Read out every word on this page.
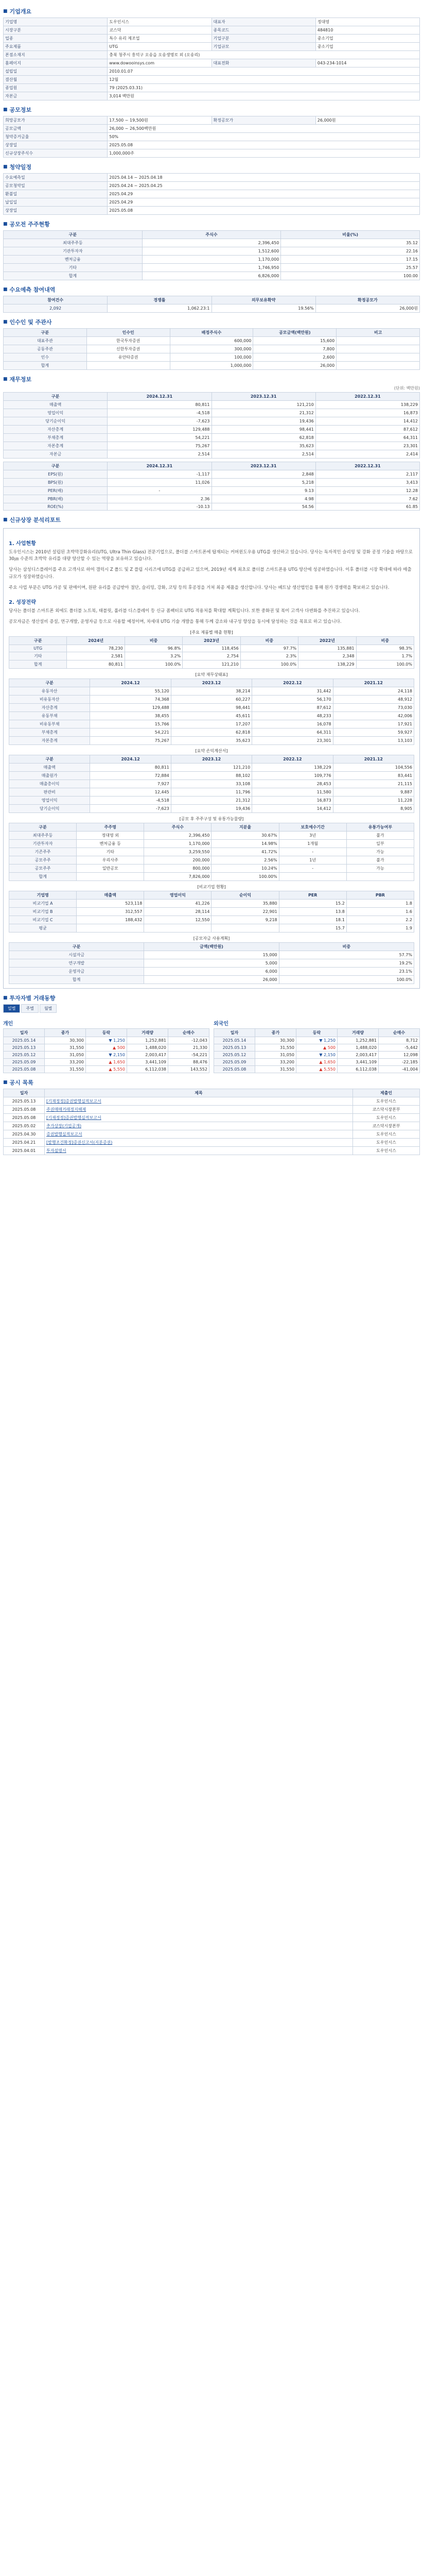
■ 기업개요
기업명	도우인시스	대표자	정대영
시장구분	코스닥	종목코드	484810
업종	특수 유리 제조업	기업구분	중소기업
주요제품	UTG	기업규모	중소기업
본점소재지	충북 청주시 흥덕구 오송읍 오송생명로 외 (오송리)		
홈페이지	www.dowooinsys.com	대표전화	043-234-1014
설립일	2010.01.07		
결산월	12월		
종업원	79 (2025.03.31)		
자본금	3,014 백만원		
■ 공모정보
희망공모가	17,500 ~ 19,500원	확정공모가	26,000원
공모금액	26,000 ~ 26,500백만원		
청약증거금율	50%		
상장일	2025.05.08		
신규상장주식수	1,000,000주		
■ 청약일정
수요예측일	2025.04.14 ~ 2025.04.18
공모청약일	2025.04.24 ~ 2025.04.25
환불일	2025.04.29
납입일	2025.04.29
상장일	2025.05.08
■ 공모전 주주현황
구분	주식수	비율(%)
최대주주등	2,396,450	35.12
기관투자자	1,512,600	22.16
벤처금융	1,170,000	17.15
기타	1,746,950	25.57
합계	6,826,000	100.00
■ 수요예측 참여내역
참여건수	경쟁률	의무보유확약	확정공모가
2,092	1,062.23:1	19.56%	26,000원
■ 인수인 및 주관사
구분	인수인	배정주식수	공모금액(백만원)	비고
대표주관	한국투자증권	600,000	15,600	
공동주관	신한투자증권	300,000	7,800	
인수	유안타증권	100,000	2,600	
합계		1,000,000	26,000	
■ 재무정보
(단위: 백만원)
구분	2024.12.31	2023.12.31	2022.12.31
매출액	80,811	121,210	138,229
영업이익	-4,518	21,312	16,873
당기순이익	-7,623	19,436	14,412
자산총계	129,488	98,441	87,612
부채총계	54,221	62,818	64,311
자본총계	75,267	35,623	23,301
자본금	2,514	2,514	2,414
구분	2024.12.31	2023.12.31	2022.12.31
EPS(원)	-1,117	2,848	2,117
BPS(원)	11,026	5,218	3,413
PER(배)	-	9.13	12.28
PBR(배)	2.36	4.98	7.62
ROE(%)	-10.13	54.56	61.85
■ 신규상장 분석리포트
1. 사업현황

도우인시스는 2010년 설립된 초박막강화유리(UTG, Ultra Thin Glass) 전문기업으로, 폴더블 스마트폰에 탑재되는 커버윈도우용 UTG를 생산하고 있습니다. 당사는 독자적인 슬리밍 및 강화 공정 기술을 바탕으로 30㎛ 수준의 초박막 유리를 대량 양산할 수 있는 역량을 보유하고 있습니다.

당사는 삼성디스플레이를 주요 고객사로 하여 갤럭시 Z 폴드 및 Z 플립 시리즈에 UTG를 공급하고 있으며, 2019년 세계 최초로 폴더블 스마트폰용 UTG 양산에 성공하였습니다. 이후 폴더블 시장 확대에 따라 매출 규모가 성장하였습니다.

주요 사업 부문은 UTG 가공 및 판매이며, 원판 유리를 공급받아 절단, 슬리밍, 강화, 코팅 등의 후공정을 거쳐 최종 제품을 생산합니다. 당사는 베트남 생산법인을 통해 원가 경쟁력을 확보하고 있습니다.

2. 성장전략

당사는 폴더블 스마트폰 외에도 폴더블 노트북, 태블릿, 롤러블 디스플레이 등 신규 폼팩터로 UTG 적용처를 확대할 계획입니다. 또한 중화권 및 북미 고객사 다변화를 추진하고 있습니다.

공모자금은 생산설비 증설, 연구개발, 운영자금 등으로 사용할 예정이며, 차세대 UTG 기술 개발을 통해 두께 감소와 내구성 향상을 동시에 달성하는 것을 목표로 하고 있습니다.

[주요 제품별 매출 현황]
구분	2024년	비중	2023년	비중	2022년	비중
UTG	78,230	96.8%	118,456	97.7%	135,881	98.3%
기타	2,581	3.2%	2,754	2.3%	2,348	1.7%
합계	80,811	100.0%	121,210	100.0%	138,229	100.0%
[요약 재무상태표]
구분	2024.12	2023.12	2022.12	2021.12
유동자산	55,120	38,214	31,442	24,118
비유동자산	74,368	60,227	56,170	48,912
자산총계	129,488	98,441	87,612	73,030
유동부채	38,455	45,611	48,233	42,006
비유동부채	15,766	17,207	16,078	17,921
부채총계	54,221	62,818	64,311	59,927
자본총계	75,267	35,623	23,301	13,103
[요약 손익계산서]
구분	2024.12	2023.12	2022.12	2021.12
매출액	80,811	121,210	138,229	104,556
매출원가	72,884	88,102	109,776	83,441
매출총이익	7,927	33,108	28,453	21,115
판관비	12,445	11,796	11,580	9,887
영업이익	-4,518	21,312	16,873	11,228
당기순이익	-7,623	19,436	14,412	8,905
[공모 후 주주구성 및 유통가능물량]
구분	주주명	주식수	지분율	보호예수기간	유통가능여부
최대주주등	정대영 외	2,396,450	30.67%	3년	불가
기관투자자	벤처금융 등	1,170,000	14.98%	1개월	일부
기존주주	기타	3,259,550	41.72%	-	가능
공모주주	우리사주	200,000	2.56%	1년	불가
공모주주	일반공모	800,000	10.24%	-	가능
합계		7,826,000	100.00%		
[비교기업 현황]
기업명	매출액	영업이익	순이익	PER	PBR
비교기업 A	523,118	41,226	35,880	15.2	1.8
비교기업 B	312,557	28,114	22,901	13.8	1.6
비교기업 C	188,432	12,550	9,218	18.1	2.2
평균				15.7	1.9
[공모자금 사용계획]
구분	금액(백만원)	비중
시설자금	15,000	57.7%
연구개발	5,000	19.2%
운영자금	6,000	23.1%
합계	26,000	100.0%
■ 투자자별 거래동향
일별	주별	월별
개인
일자	종가	등락	거래량	순매수
2025.05.14	30,300	▼ 1,250	1,252,881	-12,043
2025.05.13	31,550	▲ 500	1,488,020	21,330
2025.05.12	31,050	▼ 2,150	2,003,417	-54,221
2025.05.09	33,200	▲ 1,650	3,441,109	88,476
2025.05.08	31,550	▲ 5,550	6,112,038	143,552
외국인
일자	종가	등락	거래량	순매수
2025.05.14	30,300	▼ 1,250	1,252,881	8,712
2025.05.13	31,550	▲ 500	1,488,020	-5,442
2025.05.12	31,050	▼ 2,150	2,003,417	12,098
2025.05.09	33,200	▲ 1,650	3,441,109	-22,185
2025.05.08	31,550	▲ 5,550	6,112,038	-41,004
■ 공시 목록
일자	제목	제출인
2025.05.13	[기재정정]증권발행실적보고서	도우인시스
2025.05.08	주권매매거래정지해제	코스닥시장본부
2025.05.08	[기재정정]증권발행실적보고서	도우인시스
2025.05.02	추가상장(기업공개)	코스닥시장본부
2025.04.30	증권발행실적보고서	도우인시스
2025.04.21	[발행조건확정]증권신고서(지분증권)	도우인시스
2025.04.01	투자설명서	도우인시스
